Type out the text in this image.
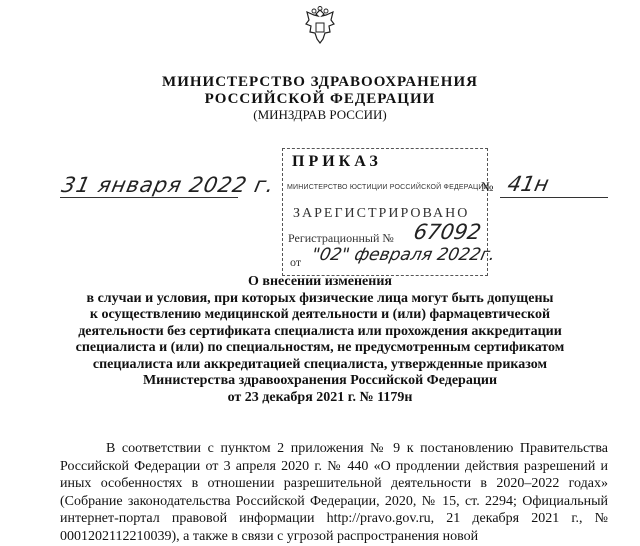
МИНИСТЕРСТВО ЗДРАВООХРАНЕНИЯ
РОССИЙСКОЙ ФЕДЕРАЦИИ
(МИНЗДРАВ РОССИИ)
МИНИСТЕРСТВО ЮСТИЦИИ РОССИЙСКОЙ ФЕДЕРАЦИИ
ЗАРЕГИСТРИРОВАНО
Регистрационный № 67092
от "02" февраля 2022г.
ПРИКАЗ
31 января 2022 г.	№ 41н
О внесении изменения
в случаи и условия, при которых физические лица могут быть допущены
к осуществлению медицинской деятельности и (или) фармацевтической
деятельности без сертификата специалиста или прохождения аккредитации
специалиста и (или) по специальностям, не предусмотренным сертификатом
специалиста или аккредитацией специалиста, утвержденные приказом
Министерства здравоохранения Российской Федерации
от 23 декабря 2021 г. № 1179н
В соответствии с пунктом 2 приложения № 9 к постановлению Правительства Российской Федерации от 3 апреля 2020 г. № 440 «О продлении действия разрешений и иных особенностях в отношении разрешительной деятельности в 2020–2022 годах» (Собрание законодательства Российской Федерации, 2020, № 15, ст. 2294; Официальный интернет-портал правовой информации http://pravo.gov.ru, 21 декабря 2021 г., № 0001202112210039), а также в связи с угрозой распространения новой
